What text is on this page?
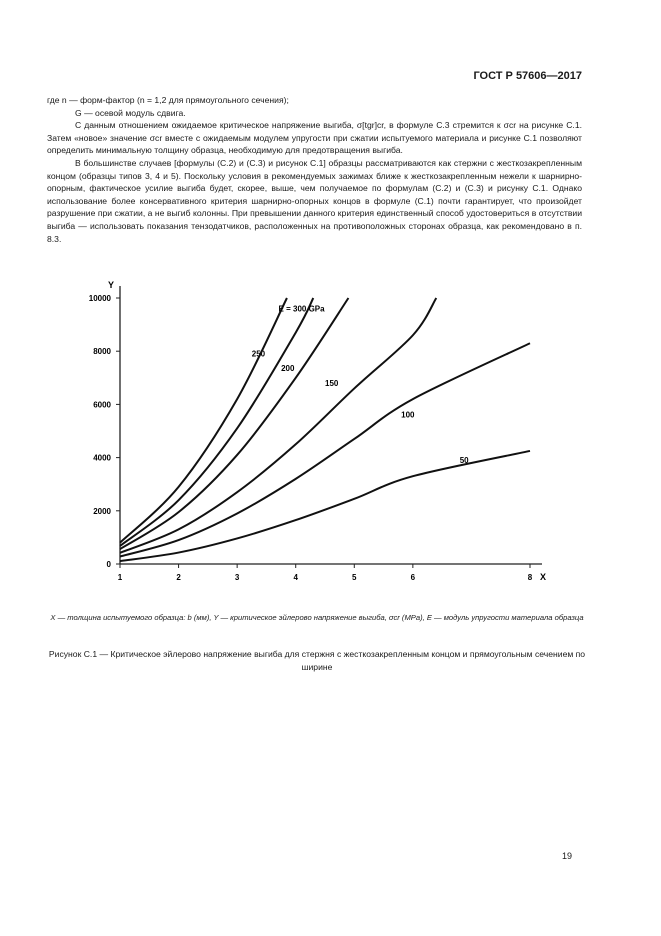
ГОСТ Р 57606—2017

где n — форм-фактор (n = 1,2 для прямоугольного сечения);

G — осевой модуль сдвига.

С данным отношением ожидаемое критическое напряжение выгиба, σ[tgr]cr, в формуле С.3 стремится к σcr на рисунке С.1. Затем «новое» значение σcr вместе с ожидаемым модулем упругости при сжатии испытуемого материала и рисунке С.1 позволяют определить минимальную толщину образца, необходимую для предотвращения выгиба.

В большинстве случаев [формулы (С.2) и (С.3) и рисунок С.1] образцы рассматриваются как стержни с жесткозакрепленным концом (образцы типов 3, 4 и 5). Поскольку условия в рекомендуемых зажимах ближе к жесткозакрепленным нежели к шарнирно-опорным, фактическое усилие выгиба будет, скорее, выше, чем получаемое по формулам (С.2) и (С.3) и рисунку С.1. Однако использование более консервативного критерия шарнирно-опорных концов в формуле (С.1) почти гарантирует, что произойдет разрушение при сжатии, а не выгиб колонны. При превышении данного критерия единственный способ удостовериться в отсутствии выгиба — использовать показания тензодатчиков, расположенных на противоположных сторонах образца, как рекомендовано в п. 8.3.

Y
X
0
2000
4000
6000
8000
10000
1	2	3	4	5	6	8
50
100
150
200
250
E = 300 GPa
X — толщина испытуемого образца: b (мм), Y — критическое эйлерово напряжение выгиба, σcr (MPa), E — модуль упругости материала образца
Рисунок С.1 — Критическое эйлерово напряжение выгиба для стержня с жесткозакрепленным концом и прямоугольным сечением по ширине
19
